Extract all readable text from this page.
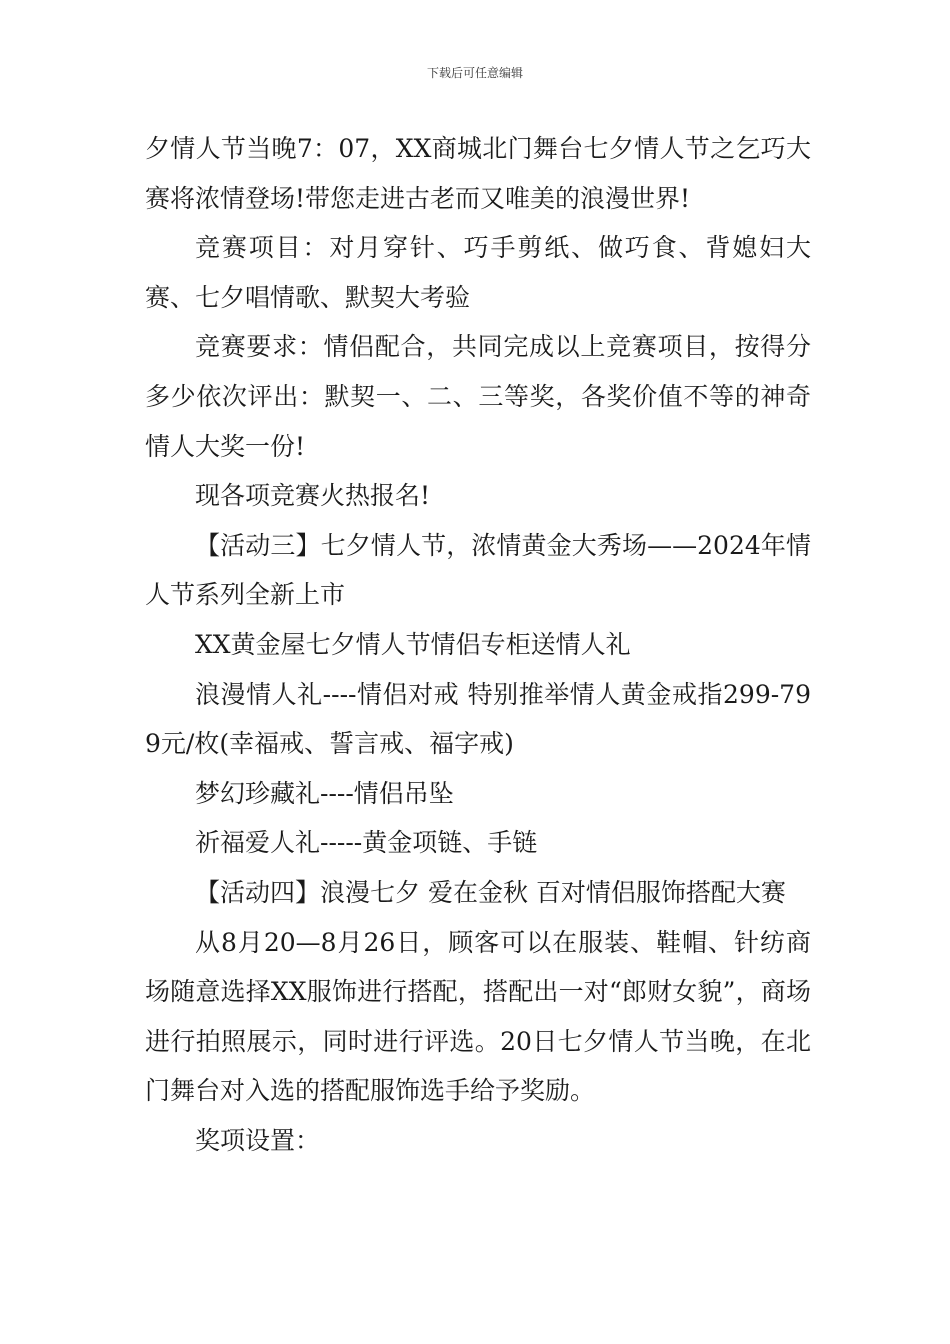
下载后可任意编辑

夕情人节当晚7：07，XX商城北门舞台七夕情人节之乞巧大赛将浓情登场!带您走进古老而又唯美的浪漫世界!

竞赛项目：对月穿针、巧手剪纸、做巧食、背媳妇大赛、七夕唱情歌、默契大考验

竞赛要求：情侣配合，共同完成以上竞赛项目，按得分多少依次评出：默契一、二、三等奖，各奖价值不等的神奇情人大奖一份!

现各项竞赛火热报名!

【活动三】七夕情人节，浓情黄金大秀场——2024年情人节系列全新上市

XX黄金屋七夕情人节情侣专柜送情人礼

浪漫情人礼----情侣对戒 特别推举情人黄金戒指299-799元/枚(幸福戒、誓言戒、福字戒)

梦幻珍藏礼----情侣吊坠

祈福爱人礼-----黄金项链、手链

【活动四】浪漫七夕 爱在金秋 百对情侣服饰搭配大赛

从8月20—8月26日，顾客可以在服装、鞋帽、针纺商场随意选择XX服饰进行搭配，搭配出一对“郎财女貌”，商场进行拍照展示，同时进行评选。20日七夕情人节当晚，在北门舞台对入选的搭配服饰选手给予奖励。

奖项设置：
